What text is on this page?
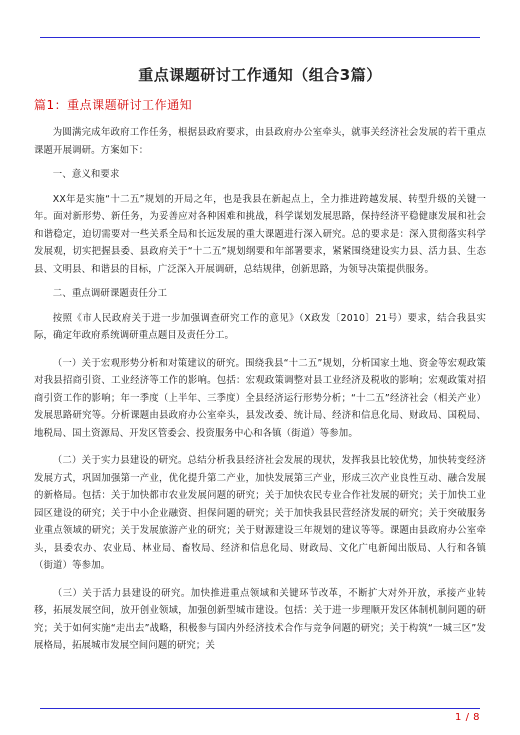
重点课题研讨工作通知（组合3篇）
篇1：重点课题研讨工作通知

为圆满完成年政府工作任务，根据县政府要求，由县政府办公室牵头，就事关经济社会发展的若干重点课题开展调研。方案如下：

一、意义和要求

XX年是实施“十二五”规划的开局之年，也是我县在新起点上，全力推进跨越发展、转型升级的关键一年。面对新形势、新任务，为妥善应对各种困难和挑战，科学谋划发展思路，保持经济平稳健康发展和社会和谐稳定，迫切需要对一些关系全局和长远发展的重大课题进行深入研究。总的要求是：深入贯彻落实科学发展观，切实把握县委、县政府关于“十二五”规划纲要和年部署要求，紧紧围绕建设实力县、活力县、生态县、文明县、和谐县的目标，广泛深入开展调研，总结规律，创新思路，为领导决策提供服务。

二、重点调研课题责任分工

按照《市人民政府关于进一步加强调查研究工作的意见》（X政发〔2010〕21号）要求，结合我县实际，确定年政府系统调研重点题目及责任分工。

（一）关于宏观形势分析和对策建议的研究。围绕我县“十二五”规划，分析国家土地、资金等宏观政策对我县招商引资、工业经济等工作的影响。包括：宏观政策调整对县工业经济及税收的影响；宏观政策对招商引资工作的影响；年一季度（上半年、三季度）全县经济运行形势分析；“十二五”经济社会（相关产业）发展思路研究等。分析课题由县政府办公室牵头，县发改委、统计局、经济和信息化局、财政局、国税局、地税局、国土资源局、开发区管委会、投资服务中心和各镇（街道）等参加。

（二）关于实力县建设的研究。总结分析我县经济社会发展的现状，发挥我县比较优势，加快转变经济发展方式，巩固加强第一产业，优化提升第二产业，加快发展第三产业，形成三次产业良性互动、融合发展的新格局。包括：关于加快都市农业发展问题的研究；关于加快农民专业合作社发展的研究；关于加快工业园区建设的研究；关于中小企业融资、担保问题的研究；关于加快我县民营经济发展的研究；关于突破服务业重点领域的研究；关于发展旅游产业的研究；关于财源建设三年规划的建议等等。课题由县政府办公室牵头，县委农办、农业局、林业局、畜牧局、经济和信息化局、财政局、文化广电新闻出版局、人行和各镇（街道）等参加。

（三）关于活力县建设的研究。加快推进重点领域和关键环节改革，不断扩大对外开放，承接产业转移，拓展发展空间，放开创业领域，加强创新型城市建设。包括：关于进一步理顺开发区体制机制问题的研究；关于如何实施“走出去”战略，积极参与国内外经济技术合作与竞争问题的研究；关于构筑“一城三区”发展格局，拓展城市发展空间问题的研究；关

1 / 8
